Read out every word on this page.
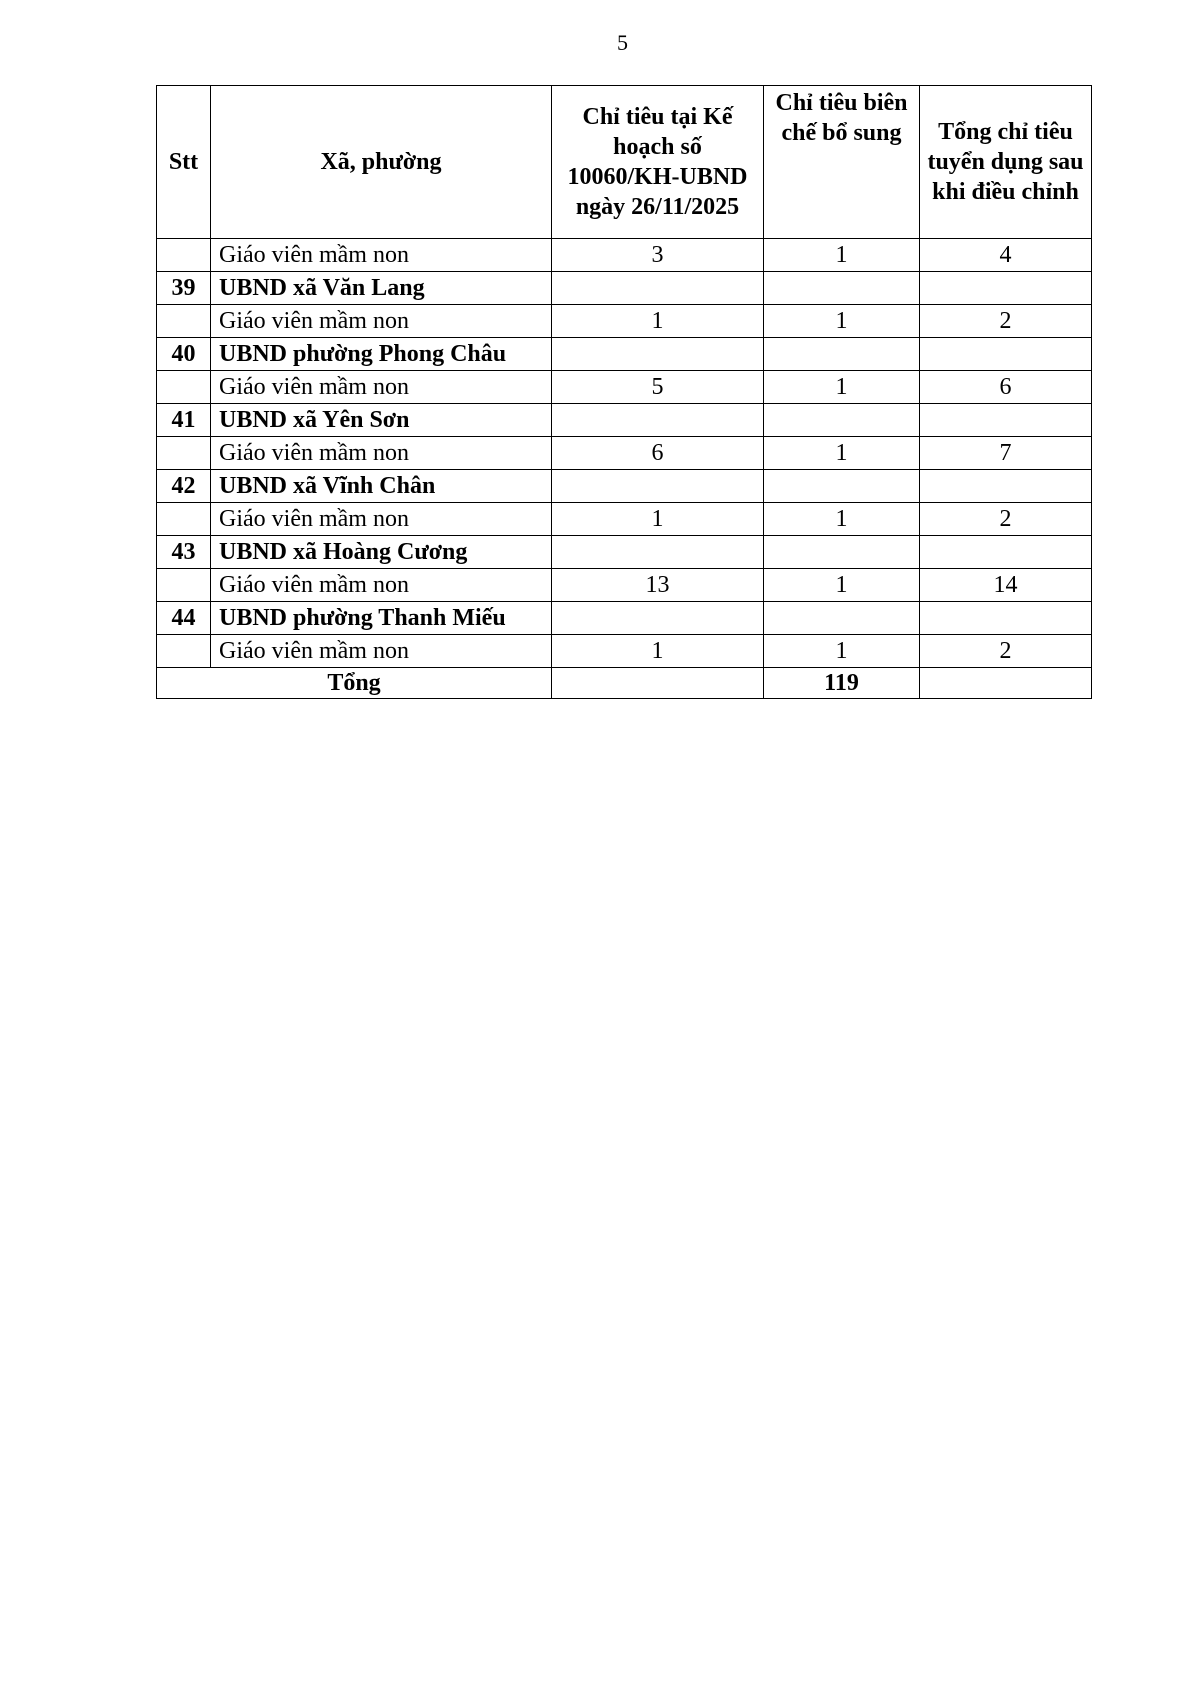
5
Stt	Xã, phường	Chỉ tiêu tại Kế hoạch số 10060/KH-UBND ngày 26/11/2025	Chỉ tiêu biên chế bổ sung	Tổng chỉ tiêu tuyển dụng sau khi điều chỉnh
	Giáo viên mầm non	3	1	4
39	UBND xã Văn Lang			
	Giáo viên mầm non	1	1	2
40	UBND phường Phong Châu			
	Giáo viên mầm non	5	1	6
41	UBND xã Yên Sơn			
	Giáo viên mầm non	6	1	7
42	UBND xã Vĩnh Chân			
	Giáo viên mầm non	1	1	2
43	UBND xã Hoàng Cương			
	Giáo viên mầm non	13	1	14
44	UBND phường Thanh Miếu			
	Giáo viên mầm non	1	1	2
Tổng			119	
